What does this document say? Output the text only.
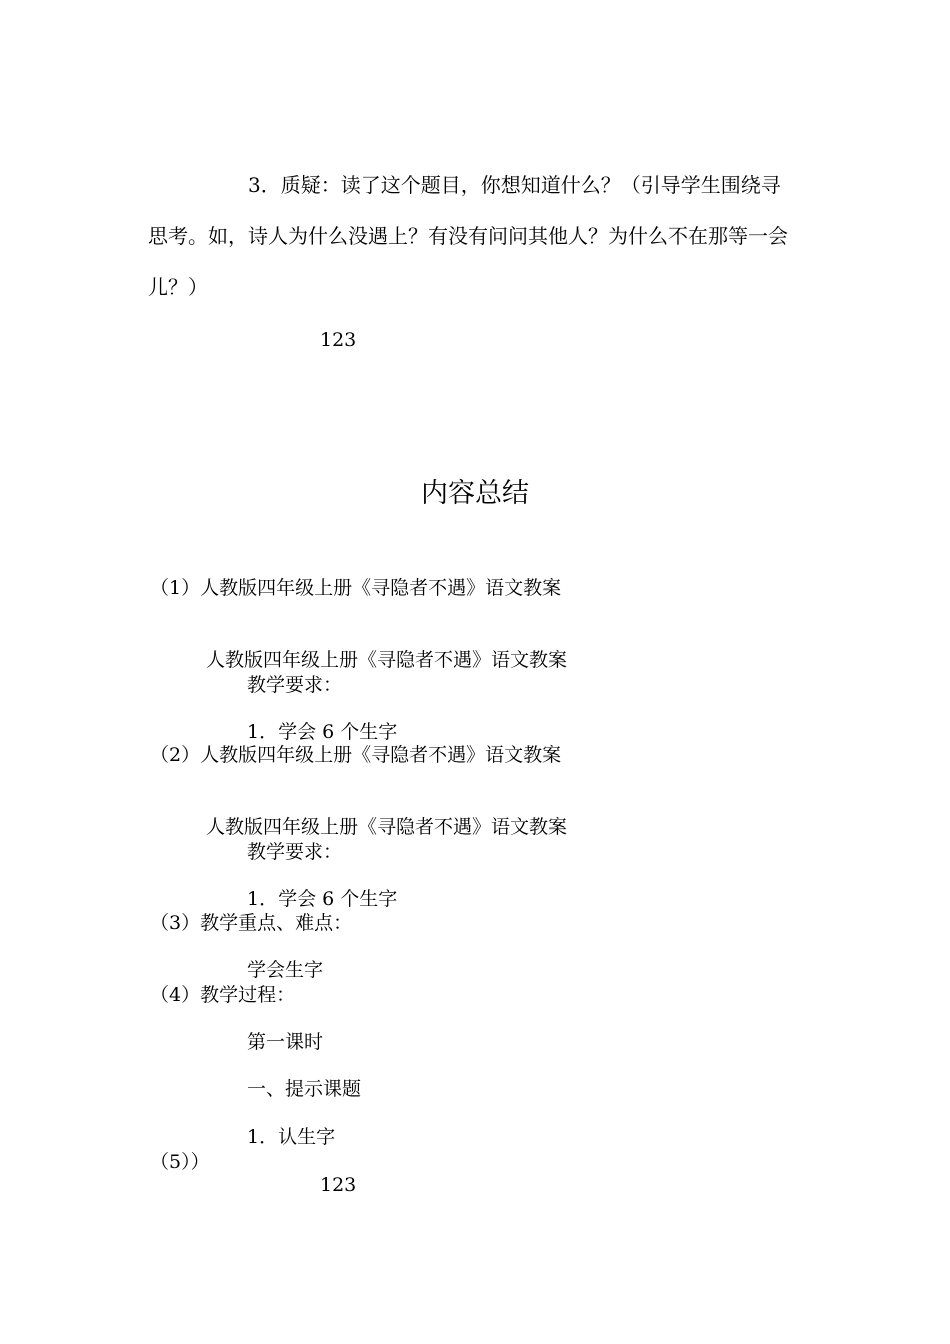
3．质疑：读了这个题目，你想知道什么？（引导学生围绕寻思考。如，诗人为什么没遇上？有没有问问其他人？为什么不在那等一会儿？）
123
内容总结
（1）人教版四年级上册《寻隐者不遇》语文教案
人教版四年级上册《寻隐者不遇》语文教案
教学要求：
1．学会 6 个生字
（2）人教版四年级上册《寻隐者不遇》语文教案
人教版四年级上册《寻隐者不遇》语文教案
教学要求：
1．学会 6 个生字
（3）教学重点、难点：
学会生字
（4）教学过程：
第一课时
一、提示课题
1．认生字
（5））
123
